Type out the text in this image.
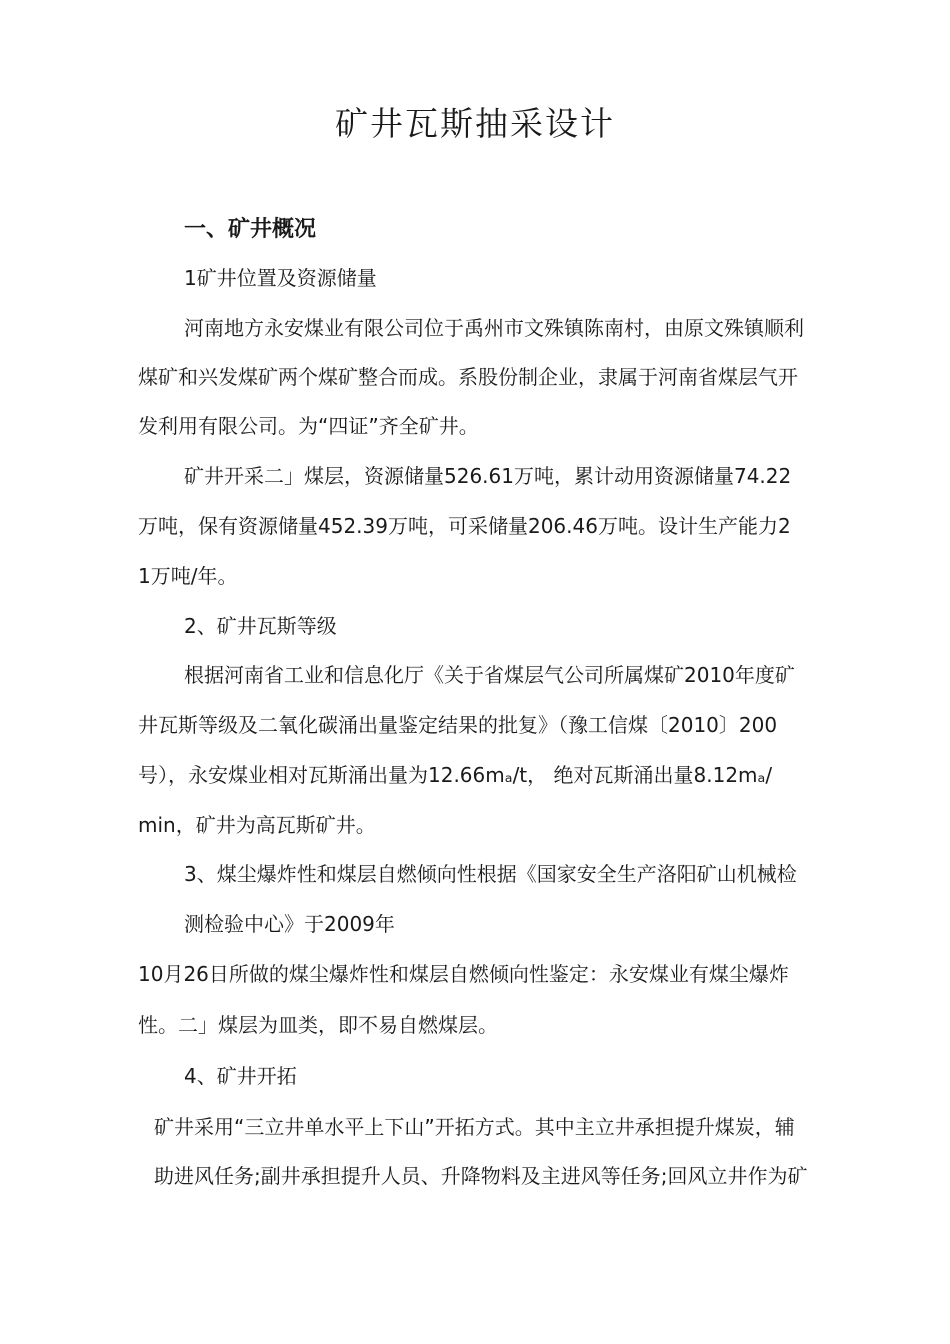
矿井瓦斯抽采设计
一、矿井概况
1矿井位置及资源储量
河南地方永安煤业有限公司位于禹州市文殊镇陈南村，由原文殊镇顺利
煤矿和兴发煤矿两个煤矿整合而成。系股份制企业，隶属于河南省煤层气开
发利用有限公司。为“四证”齐全矿井。
矿井开采二」煤层，资源储量526.61万吨，累计动用资源储量74.22
万吨，保有资源储量452.39万吨，可采储量206.46万吨。设计生产能力2
1万吨/年。
2、矿井瓦斯等级
根据河南省工业和信息化厅《关于省煤层气公司所属煤矿2010年度矿
井瓦斯等级及二氧化碳涌出量鉴定结果的批复》（豫工信煤〔2010〕200
号），永安煤业相对瓦斯涌出量为12.66mₐ/t， 绝对瓦斯涌出量8.12mₐ/
min，矿井为高瓦斯矿井。
3、煤尘爆炸性和煤层自燃倾向性根据《国家安全生产洛阳矿山机械检
测检验中心》于2009年
10月26日所做的煤尘爆炸性和煤层自燃倾向性鉴定：永安煤业有煤尘爆炸
性。二」煤层为皿类，即不易自燃煤层。
4、矿井开拓
矿井采用“三立井单水平上下山”开拓方式。其中主立井承担提升煤炭，辅
助进风任务;副井承担提升人员、升降物料及主进风等任务;回风立井作为矿
